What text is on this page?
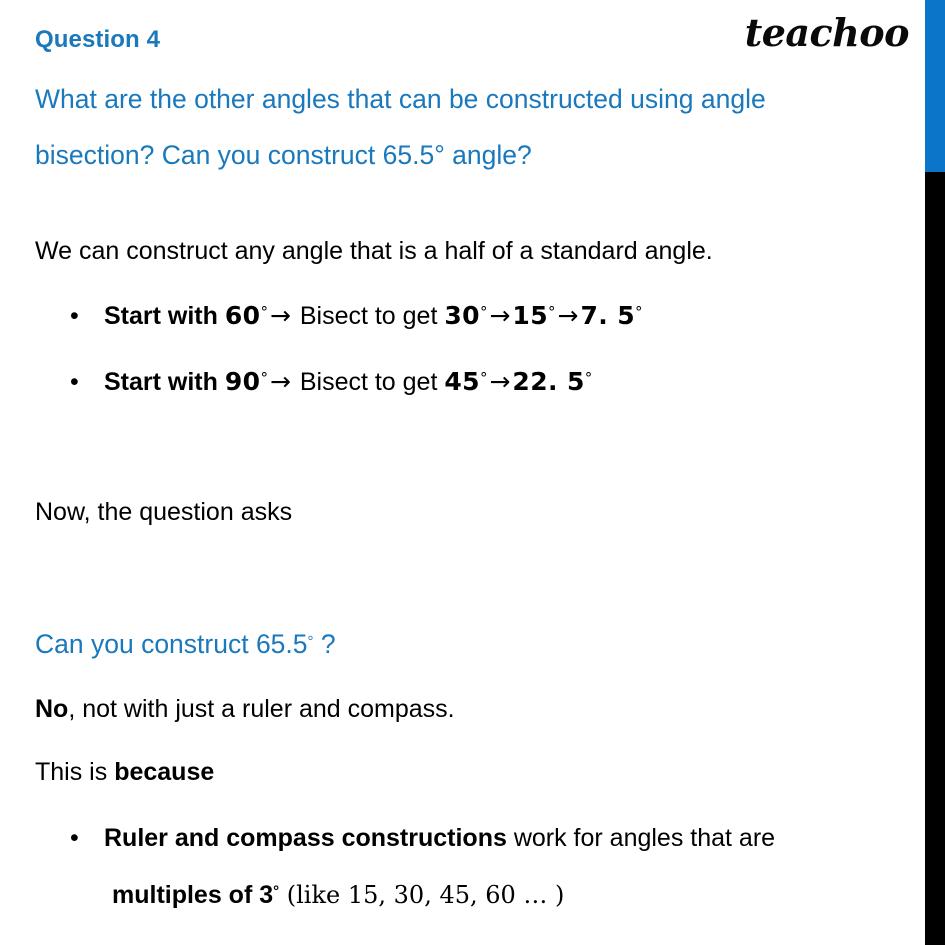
teachoo
Question 4
What are the other angles that can be constructed using angle
bisection? Can you construct 65.5° angle?
We can construct any angle that is a half of a standard angle.
• Start with 60°→ Bisect to get 30°→15°→7. 5°
• Start with 90°→ Bisect to get 45°→22. 5°
Now, the question asks
Can you construct 65.5° ?
No, not with just a ruler and compass.
This is because
• Ruler and compass constructions work for angles that are
multiples of 3° (like 15, 30, 45, 60 … )
